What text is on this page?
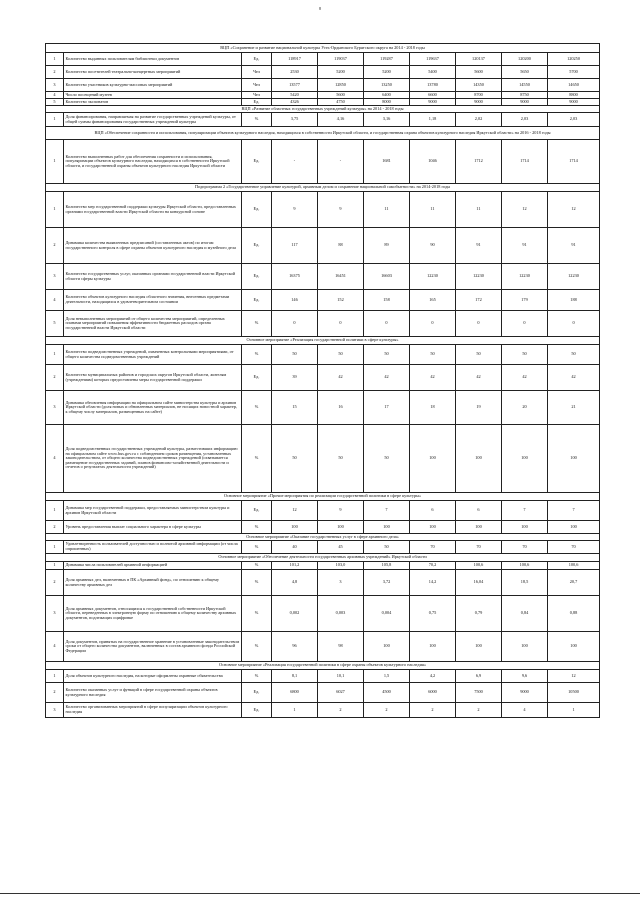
8
ВЦП «Сохранение и развитие национальной культуры Усть-Ордынского Бурятского округа на 2014 - 2018 годы									
1	Количество выданных пользователям библиотеки документов	Ед.	118917	119037	119287	119637	120137	120200	120250
2	Количество посетителей театрально-концертных мероприятий	Чел	2530	5200	5200	5400	5600	5650	5700
3	Количество участников культурно-массовых мероприятий	Чел	13577	12850	13250	13780	14350	14550	14650
4	Число посещений музеев	Чел	5420	5600	6400	6600	8700	8750	8800
5	Количество экспонатов	Ед.	4326	4750	8000	9000	9000	9000	9000
ВЦП «Развитие областных государственных учреждений культуры» на 2014 - 2018 годы									
1	Доля финансирования, направляемая на развитие государственных учреждений культуры, от общей суммы финансирования государственных учреждений культуры	%	3,75	4,16	3,16	1,18	2,02	2,03	2,03
ВЦП «Обеспечение сохранности и использования, популяризации объектов культурного наследия, находящихся в собственности Иркутской области, и государственная охрана объектов культурного наследия Иркутской области» на 2016 - 2018 годы									
1	Количество выполненных работ для обеспечения сохранности и использования, популяризации объектов культурного наследия, находящихся в собственности Иркутской области, и государственной охраны объектов культурного наследия Иркутской области	Ед.	-	-	1681	1046	1712	1714	1714
Подпрограмма 2 «Государственное управление культурой, архивным делом и сохранение национальной самобытности» на 2014-2018 годы									
1	Количество мер государственной поддержки культуры Иркутской области, предоставленных органами государственной власти Иркутской области на конкурсной основе	Ед.	9	9	11	11	11	12	12
2	Динамика количества выявленных предписаний (составленных актов) по итогам государственного контроля в сфере охраны объектов культурного наследия и музейного дела	Ед.	117	88	89	90	91	91	91
3	Количество государственных услуг, оказанных органами государственной власти Иркутской области сферы культуры	Ед.	16375	16451	16603	12230	12230	12230	12230
4	Количество объектов культурного наследия областного значения, внесенных предметами деятельности, находящихся в удовлетворительном состоянии	Ед.	146	152	158	165	172	179	188
5	Доля невыполненных мероприятий от общего количества мероприятий, определенных планами мероприятий повышения эффективности бюджетных расходов органа государственной власти Иркутской области	%	0	0	0	0	0	0	0
Основное мероприятие «Реализация государственной политики в сфере культуры»									
1	Количество подведомственных учреждений, охваченных контрольными мероприятиями, от общего количества подведомственных учреждений	%	50	50	50	50	50	50	50
2	Количество муниципальных районов и городских округов Иркутской области, жителям (учреждениям) которых предоставлены меры государственной поддержки	Ед.	39	42	42	42	42	42	42
3	Динамика обновления информации на официальном сайте министерства культуры и архивов Иркутской области (доля новых и обновленных материалов, не носящих новостной характер, к общему числу материалов, размещенных на сайте)	%	15	16	17	18	19	20	21
4	Доля подведомственных государственных учреждений культуры, разместивших информацию на официальном сайте www.bus.gov.ru с соблюдением сроков размещения, установленных законодательством, от общего количества подведомственных учреждений (охватывается размещение государственных заданий, планов финансово-хозяйственной деятельности и отчетов о результатах деятельности учреждений)	%	50	50	50	100	100	100	100
Основное мероприятие «Прочие мероприятия по реализации государственной политики в сфере культуры»									
1	Динамика мер государственной поддержки, предоставляемых министерством культуры и архивов Иркутской области	Ед.	12	9	7	6	6	7	7
2	Уровень предоставления выплат социального характера в сфере культуры	%	100	100	100	100	100	100	100
Основное мероприятие «Оказание государственных услуг в сфере архивного дела»									
1	Удовлетворенность пользователей доступностью и полнотой архивной информации (от числа опрошенных)	%	40	45	50	70	70	70	70
Основное мероприятие «Обеспечение деятельности государственных архивных учреждений» Иркутской области									
1	Динамика числа пользователей архивной информацией	%	101,2	103,0	105,8	70,2	100,6	100,6	100,6
2	Доля архивных дел, включенных в ПК «Архивный фонд», по отношению к общему количеству архивных дел	%	4,8	3	3,72	14,2	16,04	18,5	20,7
3	Доля архивных документов, относящихся к государственной собственности Иркутской области, переведенных в электронную форму по отношению к общему количеству архивных документов, подлежащих оцифровке	%	0,002	0,003	0,004	0,75	0,79	0,84	0,88
4	Доля документов, принятых на государственное хранение в установленные законодательством сроки от общего количества документов, включенных в состав архивного фонда Российской Федерации	%	96	98	100	100	100	100	100
Основное мероприятие «Реализация государственной политики в сфере охраны объектов культурного наследия»									
1	Доля объектов культурного наследия, на которые оформлены охранные обязательства	%	8,1	10,1	1,5	4,2	6,9	9,6	12
2	Количество оказанных услуг и функций в сфере государственной охраны объектов культурного наследия	Ед.	6800	6027	4500	6000	7500	9000	10500
3	Количество организованных мероприятий в сфере популяризации объектов культурного наследия	Ед.	1	2	2	2	2	4	1
